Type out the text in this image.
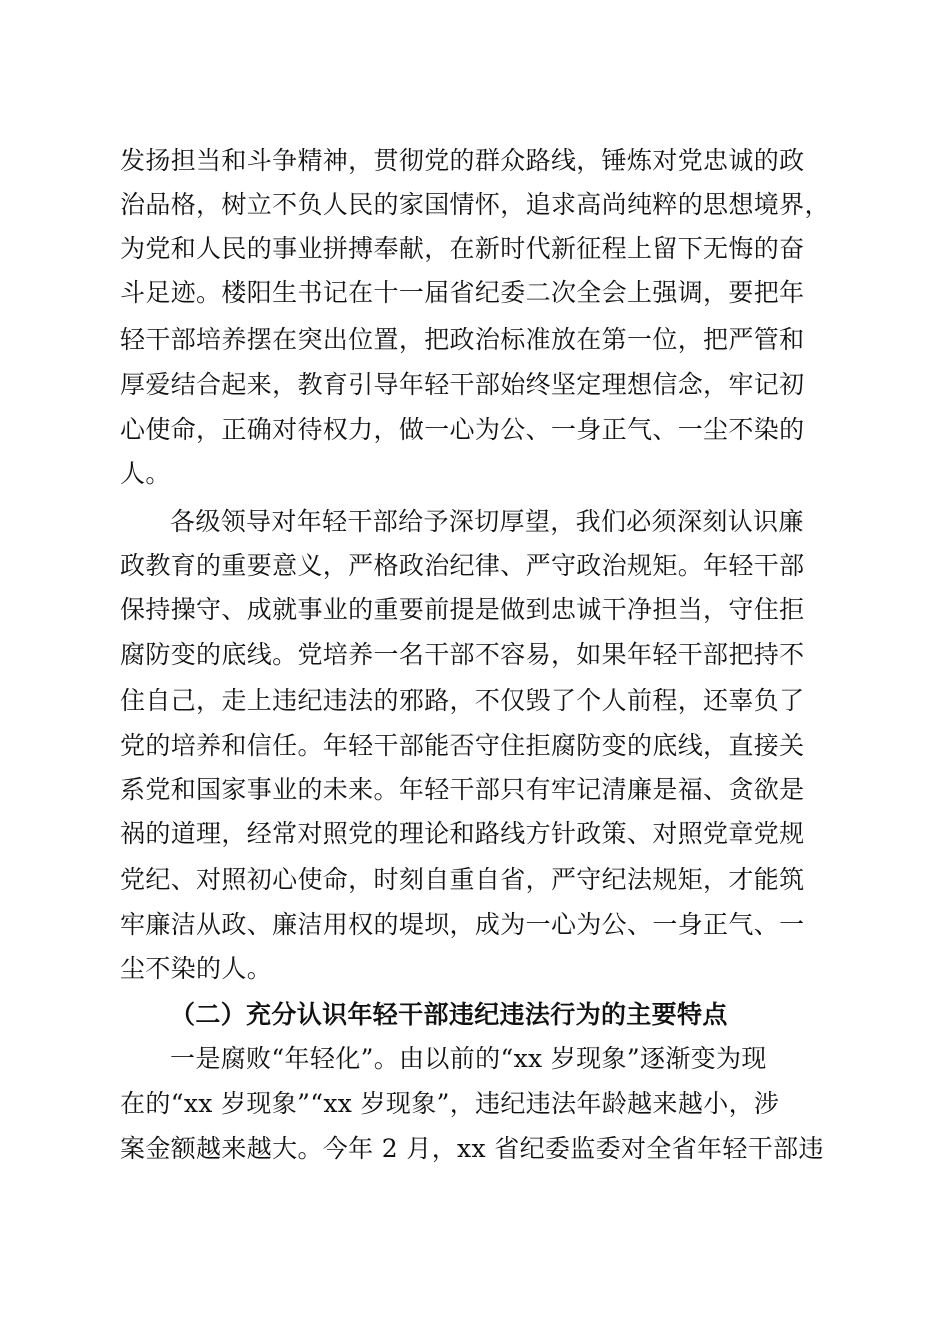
发扬担当和斗争精神，贯彻党的群众路线，锤炼对党忠诚的政
治品格，树立不负人民的家国情怀，追求高尚纯粹的思想境界，
为党和人民的事业拼搏奉献，在新时代新征程上留下无悔的奋
斗足迹。楼阳生书记在十一届省纪委二次全会上强调，要把年
轻干部培养摆在突出位置，把政治标准放在第一位，把严管和
厚爱结合起来，教育引导年轻干部始终坚定理想信念，牢记初
心使命，正确对待权力，做一心为公、一身正气、一尘不染的
人。
各级领导对年轻干部给予深切厚望，我们必须深刻认识廉
政教育的重要意义，严格政治纪律、严守政治规矩。年轻干部
保持操守、成就事业的重要前提是做到忠诚干净担当，守住拒
腐防变的底线。党培养一名干部不容易，如果年轻干部把持不
住自己，走上违纪违法的邪路，不仅毁了个人前程，还辜负了
党的培养和信任。年轻干部能否守住拒腐防变的底线，直接关
系党和国家事业的未来。年轻干部只有牢记清廉是福、贪欲是
祸的道理，经常对照党的理论和路线方针政策、对照党章党规
党纪、对照初心使命，时刻自重自省，严守纪法规矩，才能筑
牢廉洁从政、廉洁用权的堤坝，成为一心为公、一身正气、一
尘不染的人。
（二）充分认识年轻干部违纪违法行为的主要特点
一是腐败“年轻化”。由以前的“xx 岁现象”逐渐变为现
在的“xx 岁现象”“xx 岁现象”，违纪违法年龄越来越小，涉
案金额越来越大。今年 2 月，xx 省纪委监委对全省年轻干部违
